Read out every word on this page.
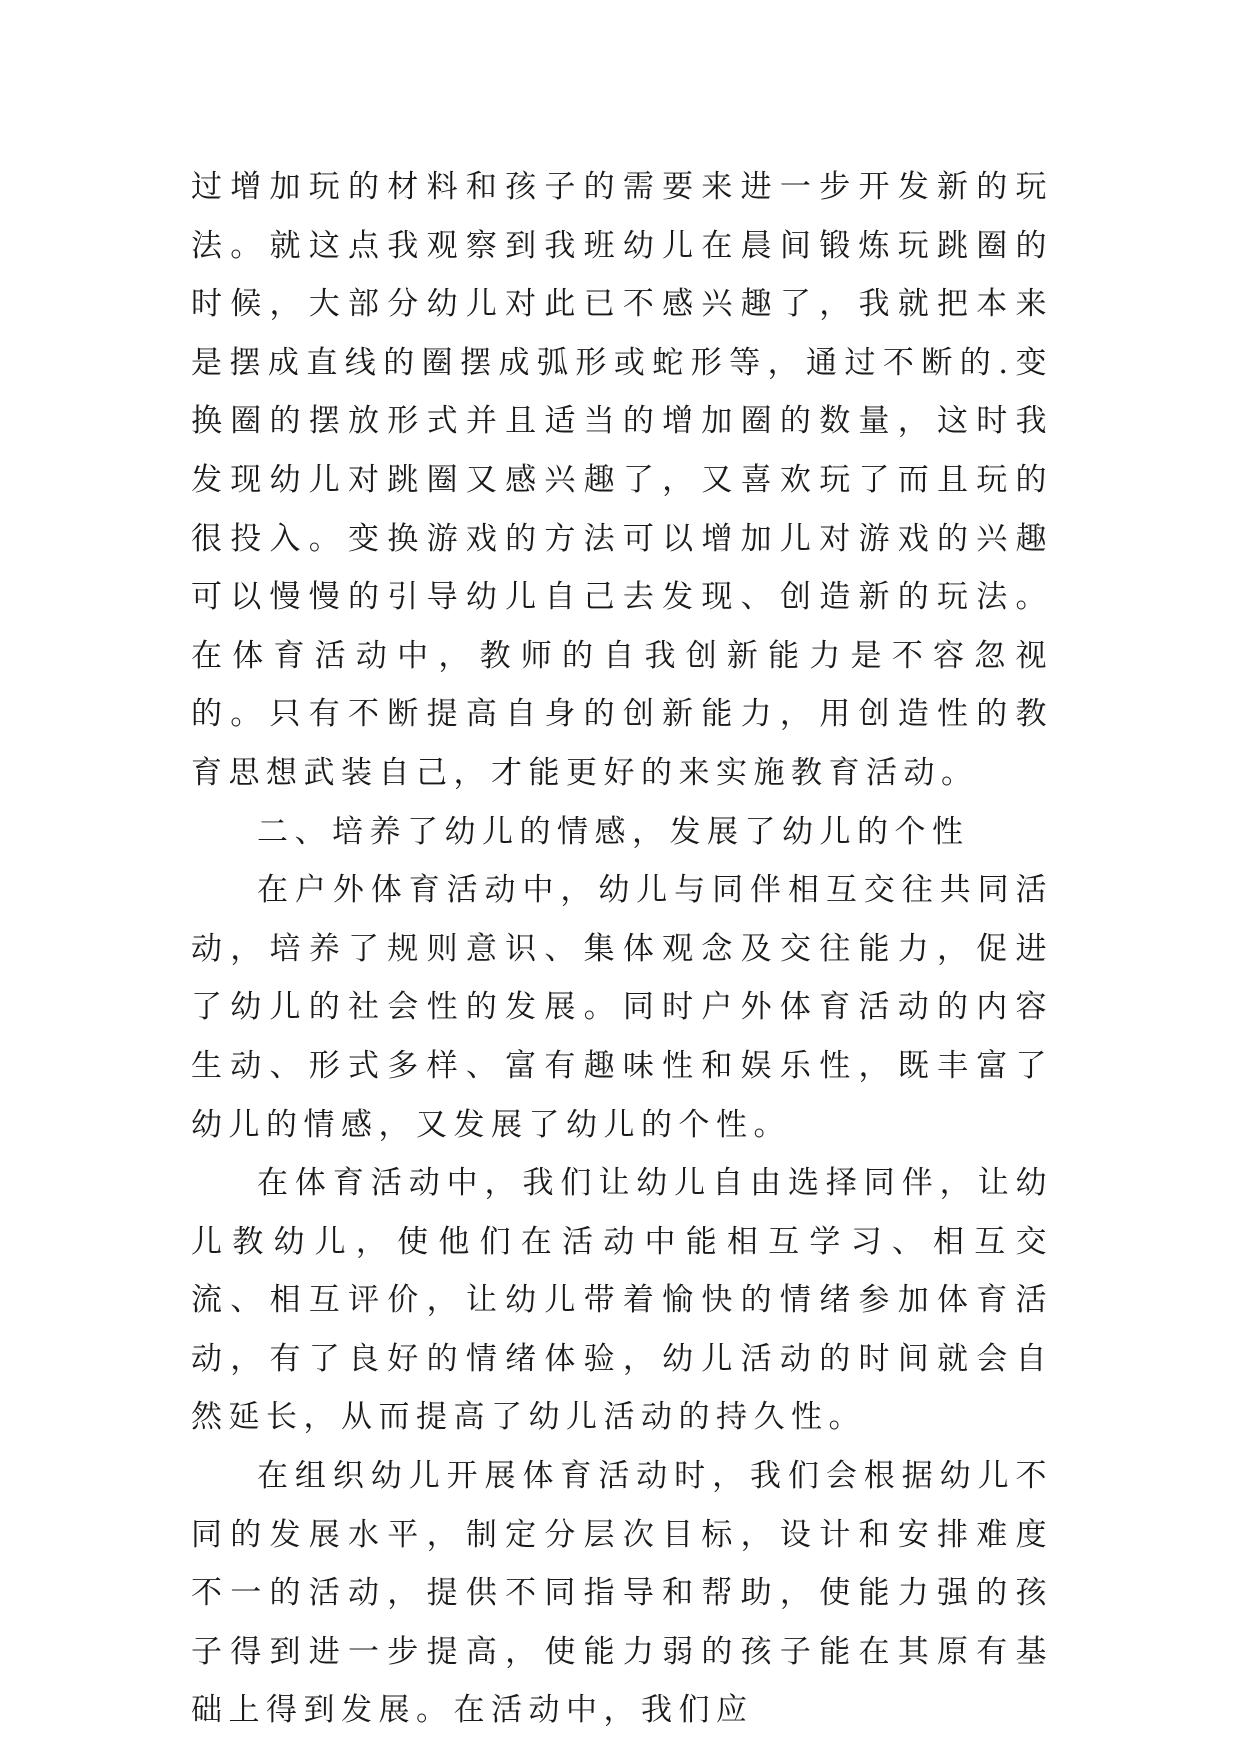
过增加玩的材料和孩子的需要来进一步开发新的玩法。就这点我观察到我班幼儿在晨间锻炼玩跳圈的时候，大部分幼儿对此已不感兴趣了，我就把本来是摆成直线的圈摆成弧形或蛇形等，通过不断的.变换圈的摆放形式并且适当的增加圈的数量，这时我发现幼儿对跳圈又感兴趣了，又喜欢玩了而且玩的很投入。变换游戏的方法可以增加儿对游戏的兴趣可以慢慢的引导幼儿自己去发现、创造新的玩法。在体育活动中，教师的自我创新能力是不容忽视的。只有不断提高自身的创新能力，用创造性的教育思想武装自己，才能更好的来实施教育活动。

二、培养了幼儿的情感，发展了幼儿的个性

在户外体育活动中，幼儿与同伴相互交往共同活动，培养了规则意识、集体观念及交往能力，促进了幼儿的社会性的发展。同时户外体育活动的内容生动、形式多样、富有趣味性和娱乐性，既丰富了幼儿的情感，又发展了幼儿的个性。

在体育活动中，我们让幼儿自由选择同伴，让幼儿教幼儿，使他们在活动中能相互学习、相互交流、相互评价，让幼儿带着愉快的情绪参加体育活动，有了良好的情绪体验，幼儿活动的时间就会自然延长，从而提高了幼儿活动的持久性。

在组织幼儿开展体育活动时，我们会根据幼儿不同的发展水平，制定分层次目标，设计和安排难度不一的活动，提供不同指导和帮助，使能力强的孩子得到进一步提高，使能力弱的孩子能在其原有基础上得到发展。在活动中，我们应
